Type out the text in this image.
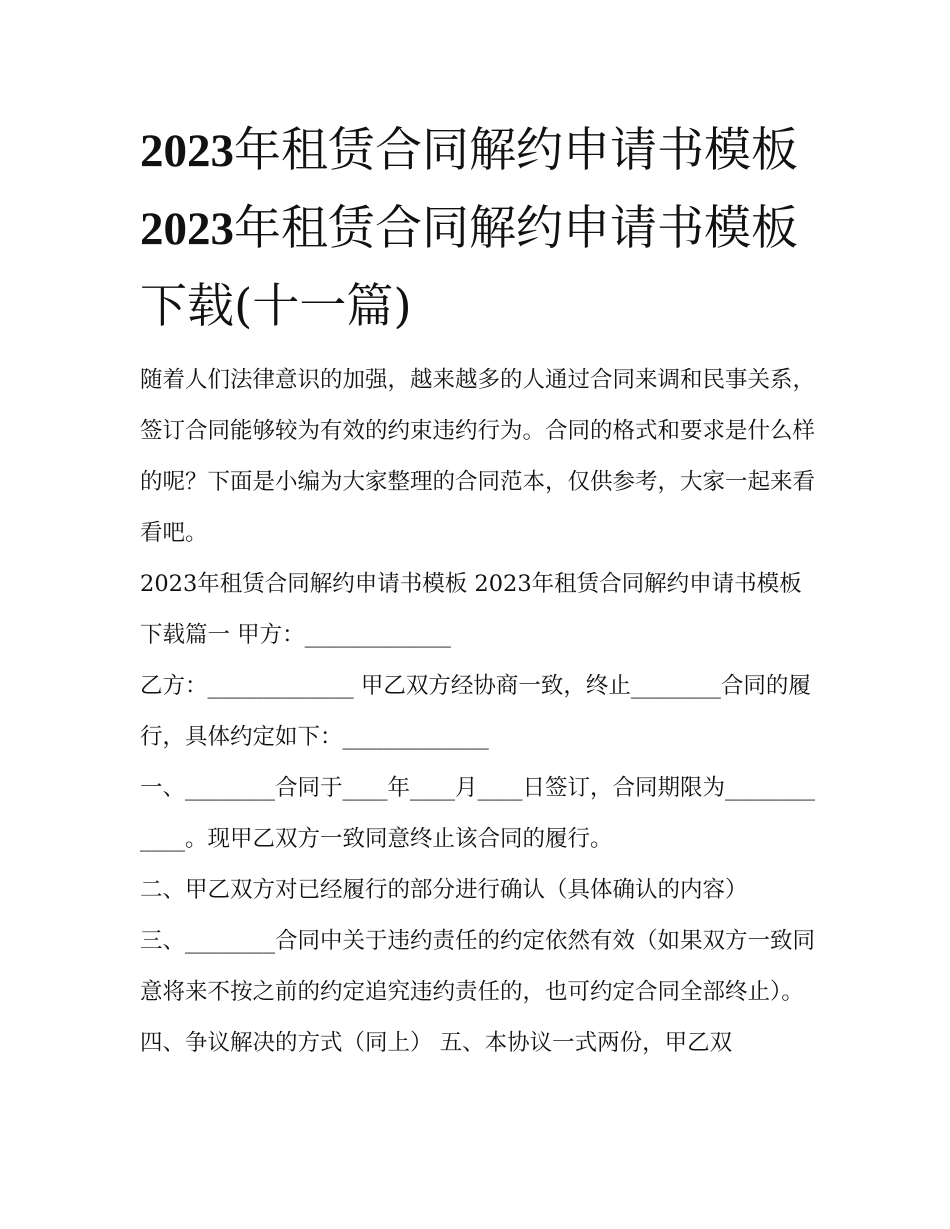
2023年租赁合同解约申请书模板 2023年租赁合同解约申请书模板下载(十一篇)

随着人们法律意识的加强，越来越多的人通过合同来调和民事关系，签订合同能够较为有效的约束违约行为。合同的格式和要求是什么样的呢？下面是小编为大家整理的合同范本，仅供参考，大家一起来看看吧。

2023年租赁合同解约申请书模板 2023年租赁合同解约申请书模板下载篇一 甲方：_____________

乙方：_____________ 甲乙双方经协商一致，终止________合同的履行，具体约定如下：_____________

一、________合同于____年____月____日签订，合同期限为____________。现甲乙双方一致同意终止该合同的履行。

二、甲乙双方对已经履行的部分进行确认（具体确认的内容）

三、________合同中关于违约责任的约定依然有效（如果双方一致同意将来不按之前的约定追究违约责任的，也可约定合同全部终止）。

四、争议解决的方式（同上） 五、本协议一式两份，甲乙双
